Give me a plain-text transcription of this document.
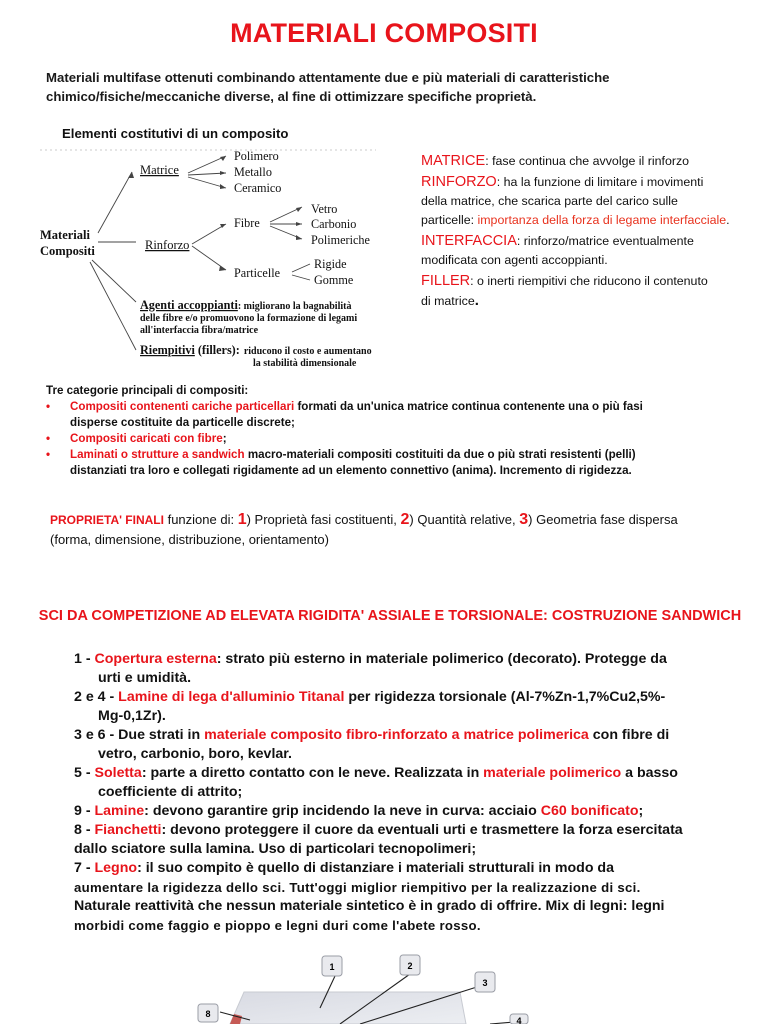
MATERIALI COMPOSITI
Materiali multifase ottenuti combinando attentamente due e più materiali di caratteristiche
chimico/fisiche/meccaniche diverse, al fine di ottimizzare specifiche proprietà.
Elementi costitutivi di un composito
Materiali
Compositi
Matrice
Polimero
Metallo
Ceramico
Rinforzo
Fibre
Vetro
Carbonio
Polimeriche
Particelle
Rigide
Gomme
Agenti accoppianti: migliorano la bagnabilità
delle fibre e/o promuovono la formazione di legami
all'interfaccia fibra/matrice
Riempitivi (fillers): riducono il costo e aumentano
la stabilità dimensionale
MATRICE: fase continua che avvolge il rinforzo
RINFORZO: ha la funzione di limitare i movimenti
della matrice, che scarica parte del carico sulle
particelle: importanza della forza di legame interfacciale.
INTERFACCIA: rinforzo/matrice eventualmente
modificata con agenti accoppianti.
FILLER: o inerti riempitivi che riducono il contenuto
di matrice.
Tre categorie principali di compositi:
• Compositi contenenti cariche particellari formati da un'unica matrice continua contenente una o più fasi
disperse costituite da particelle discrete;
• Compositi caricati con fibre;
• Laminati o strutture a sandwich macro-materiali compositi costituiti da due o più strati resistenti (pelli)
distanziati tra loro e collegati rigidamente ad un elemento connettivo (anima). Incremento di rigidezza.
PROPRIETA' FINALI funzione di: 1) Proprietà fasi costituenti, 2) Quantità relative, 3) Geometria fase dispersa
(forma, dimensione, distribuzione, orientamento)
SCI DA COMPETIZIONE AD ELEVATA RIGIDITA' ASSIALE E TORSIONALE: COSTRUZIONE SANDWICH
1 - Copertura esterna: strato più esterno in materiale polimerico (decorato). Protegge da
urti e umidità.
2 e 4 - Lamine di lega d'alluminio Titanal per rigidezza torsionale (Al-7%Zn-1,7%Cu2,5%-
Mg-0,1Zr).
3 e 6 - Due strati in materiale composito fibro-rinforzato a matrice polimerica con fibre di
vetro, carbonio, boro, kevlar.
5 - Soletta: parte a diretto contatto con le neve. Realizzata in materiale polimerico a basso
coefficiente di attrito;
9 - Lamine: devono garantire grip incidendo la neve in curva: acciaio C60 bonificato;
8 - Fianchetti: devono proteggere il cuore da eventuali urti e trasmettere la forza esercitata
dallo sciatore sulla lamina. Uso di particolari tecnopolimeri;
7 - Legno: il suo compito è quello di distanziare i materiali strutturali in modo da
aumentare la rigidezza dello sci. Tutt'oggi miglior riempitivo per la realizzazione di sci.
Naturale reattività che nessun materiale sintetico è in grado di offrire. Mix di legni: legni
morbidi come faggio e pioppo e legni duri come l'abete rosso.
1	2
3
8
4
